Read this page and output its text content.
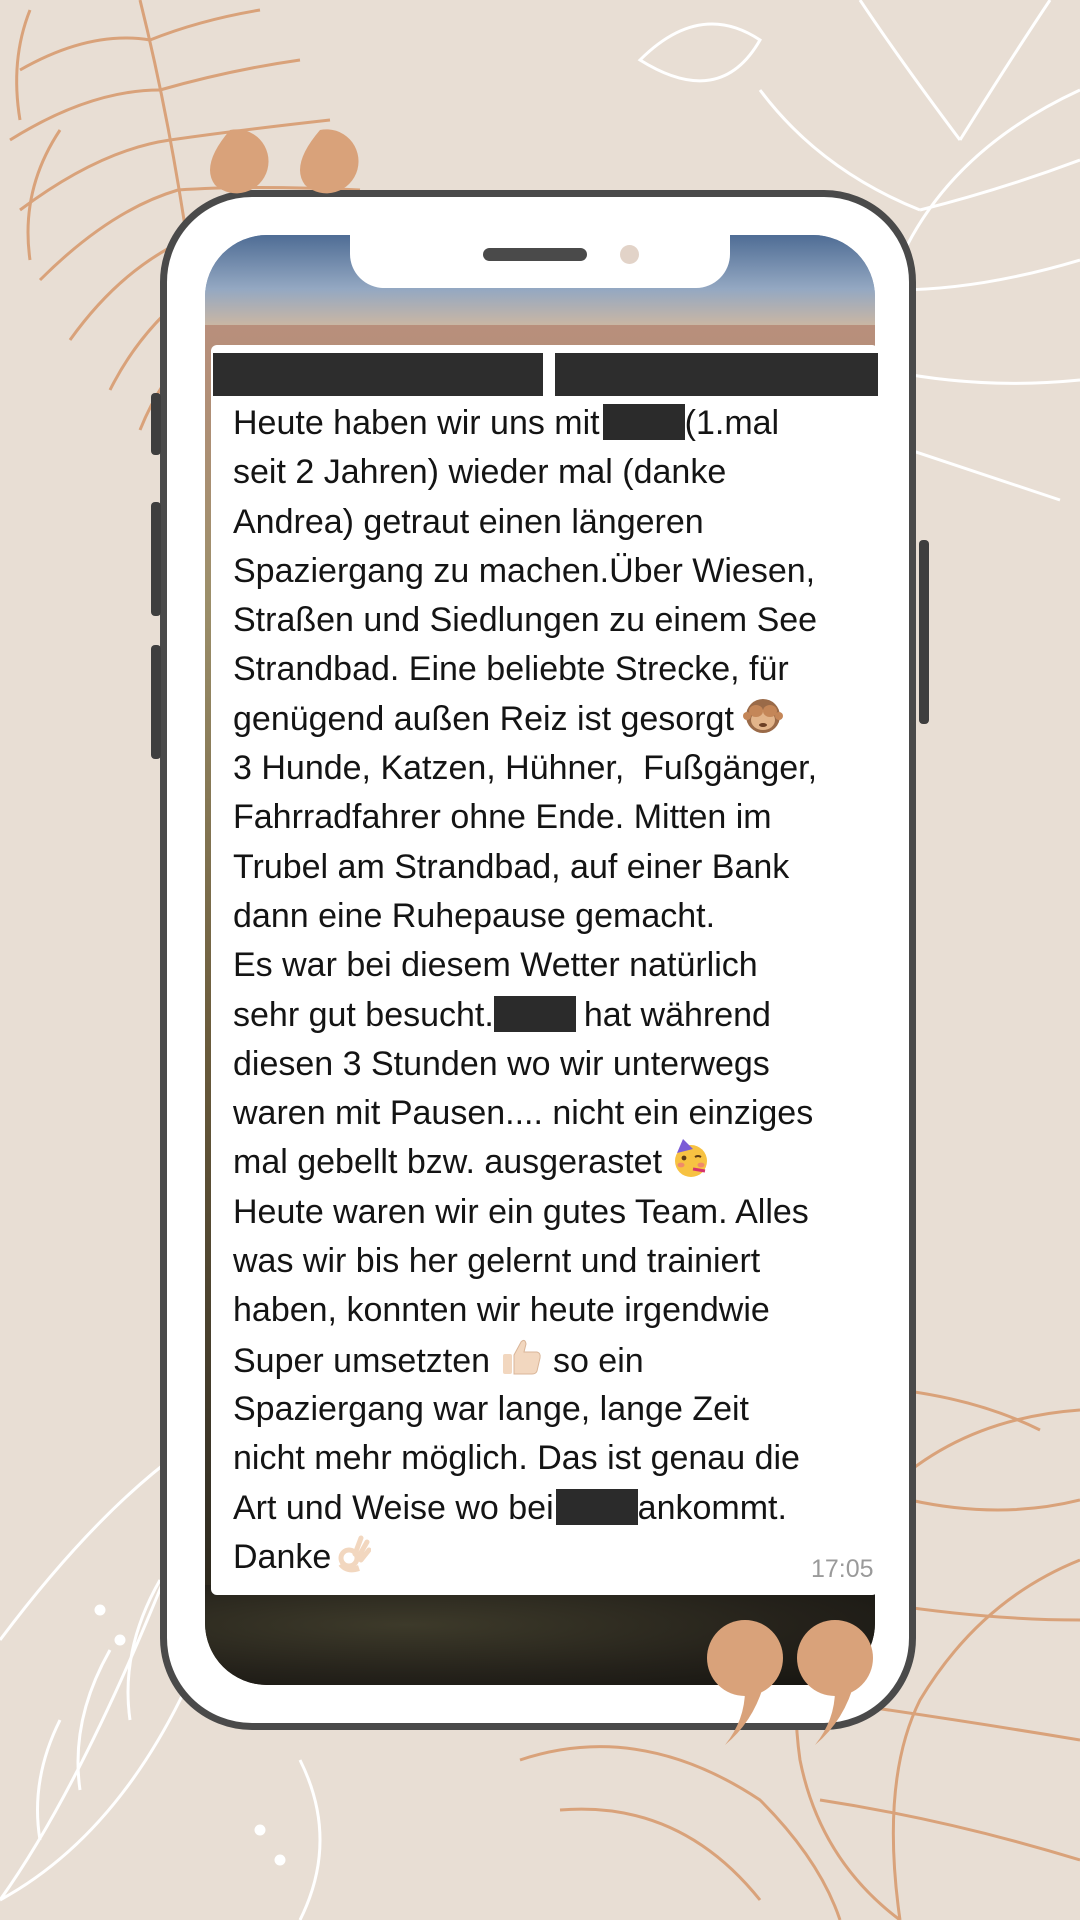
Heute haben wir uns mit	(1.mal
seit 2 Jahren) wieder mal (danke
Andrea) getraut einen längeren
Spaziergang zu machen.Über Wiesen,
Straßen und Siedlungen zu einem See
Strandbad. Eine beliebte Strecke, für
genügend außen Reiz ist gesorgt
3 Hunde, Katzen, Hühner,  Fußgänger,
Fahrradfahrer ohne Ende. Mitten im
Trubel am Strandbad, auf einer Bank
dann eine Ruhepause gemacht.
Es war bei diesem Wetter natürlich
sehr gut besucht.	hat während
diesen 3 Stunden wo wir unterwegs
waren mit Pausen.... nicht ein einziges
mal gebellt bzw. ausgerastet
Heute waren wir ein gutes Team. Alles
was wir bis her gelernt und trainiert
haben, konnten wir heute irgendwie
Super umsetzten so ein
Spaziergang war lange, lange Zeit
nicht mehr möglich. Das ist genau die
Art und Weise wo bei ankommt.
Danke	17:05
